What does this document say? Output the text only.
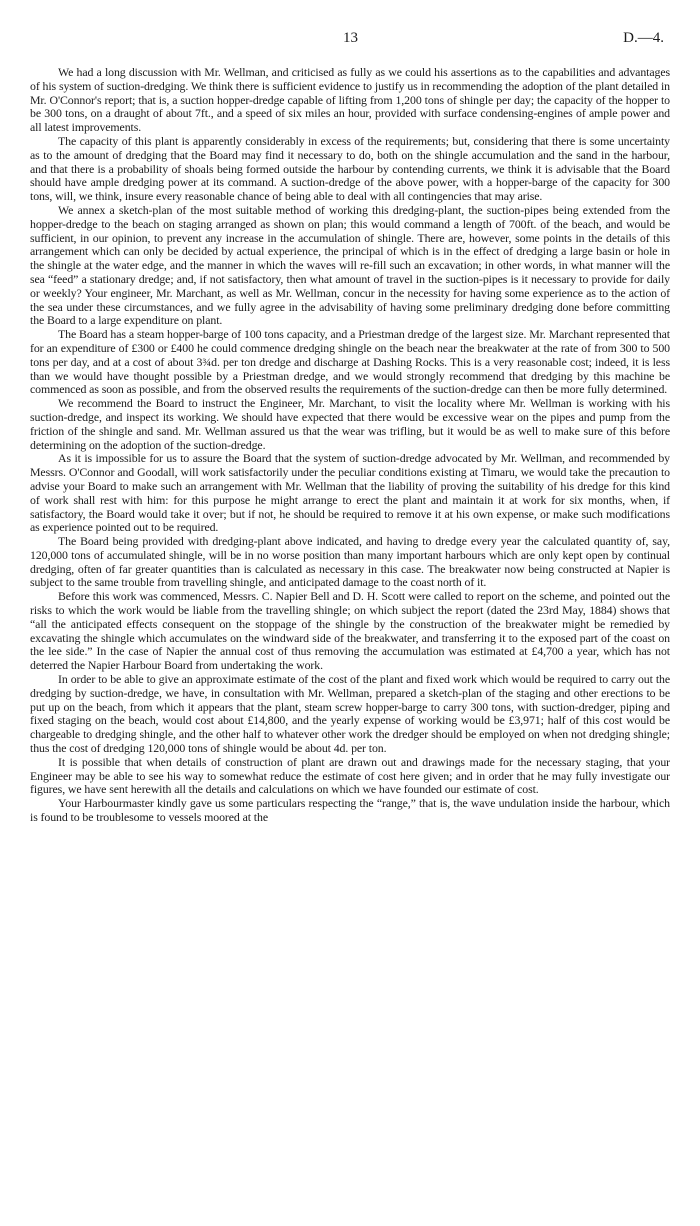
13	D.—4.

We had a long discussion with Mr. Wellman, and criticised as fully as we could his assertions as to the capabilities and advantages of his system of suction-dredging. We think there is sufficient evidence to justify us in recommending the adoption of the plant detailed in Mr. O'Connor's report; that is, a suction hopper-dredge capable of lifting from 1,200 tons of shingle per day; the capacity of the hopper to be 300 tons, on a draught of about 7ft., and a speed of six miles an hour, provided with surface condensing-engines of ample power and all latest improvements.

The capacity of this plant is apparently considerably in excess of the requirements; but, considering that there is some uncertainty as to the amount of dredging that the Board may find it necessary to do, both on the shingle accumulation and the sand in the harbour, and that there is a probability of shoals being formed outside the harbour by contending currents, we think it is advisable that the Board should have ample dredging power at its command. A suction-dredge of the above power, with a hopper-barge of the capacity for 300 tons, will, we think, insure every reasonable chance of being able to deal with all contingencies that may arise.

We annex a sketch-plan of the most suitable method of working this dredging-plant, the suction-pipes being extended from the hopper-dredge to the beach on staging arranged as shown on plan; this would command a length of 700ft. of the beach, and would be sufficient, in our opinion, to prevent any increase in the accumulation of shingle. There are, however, some points in the details of this arrangement which can only be decided by actual experience, the principal of which is in the effect of dredging a large basin or hole in the shingle at the water edge, and the manner in which the waves will re-fill such an excavation; in other words, in what manner will the sea “feed” a stationary dredge; and, if not satisfactory, then what amount of travel in the suction-pipes is it necessary to provide for daily or weekly? Your engineer, Mr. Marchant, as well as Mr. Wellman, concur in the necessity for having some experience as to the action of the sea under these circumstances, and we fully agree in the advisability of having some preliminary dredging done before committing the Board to a large expenditure on plant.

The Board has a steam hopper-barge of 100 tons capacity, and a Priestman dredge of the largest size. Mr. Marchant represented that for an expenditure of £300 or £400 he could commence dredging shingle on the beach near the breakwater at the rate of from 300 to 500 tons per day, and at a cost of about 3¾d. per ton dredge and discharge at Dashing Rocks. This is a very reasonable cost; indeed, it is less than we would have thought possible by a Priestman dredge, and we would strongly recommend that dredging by this machine be commenced as soon as possible, and from the observed results the requirements of the suction-dredge can then be more fully determined.

We recommend the Board to instruct the Engineer, Mr. Marchant, to visit the locality where Mr. Wellman is working with his suction-dredge, and inspect its working. We should have expected that there would be excessive wear on the pipes and pump from the friction of the shingle and sand. Mr. Wellman assured us that the wear was trifling, but it would be as well to make sure of this before determining on the adoption of the suction-dredge.

As it is impossible for us to assure the Board that the system of suction-dredge advocated by Mr. Wellman, and recommended by Messrs. O'Connor and Goodall, will work satisfactorily under the peculiar conditions existing at Timaru, we would take the precaution to advise your Board to make such an arrangement with Mr. Wellman that the liability of proving the suitability of his dredge for this kind of work shall rest with him: for this purpose he might arrange to erect the plant and maintain it at work for six months, when, if satisfactory, the Board would take it over; but if not, he should be required to remove it at his own expense, or make such modifications as experience pointed out to be required.

The Board being provided with dredging-plant above indicated, and having to dredge every year the calculated quantity of, say, 120,000 tons of accumulated shingle, will be in no worse position than many important harbours which are only kept open by continual dredging, often of far greater quantities than is calculated as necessary in this case. The breakwater now being constructed at Napier is subject to the same trouble from travelling shingle, and anticipated damage to the coast north of it.

Before this work was commenced, Messrs. C. Napier Bell and D. H. Scott were called to report on the scheme, and pointed out the risks to which the work would be liable from the travelling shingle; on which subject the report (dated the 23rd May, 1884) shows that “all the anticipated effects consequent on the stoppage of the shingle by the construction of the breakwater might be remedied by excavating the shingle which accumulates on the windward side of the breakwater, and transferring it to the exposed part of the coast on the lee side.” In the case of Napier the annual cost of thus removing the accumulation was estimated at £4,700 a year, which has not deterred the Napier Harbour Board from undertaking the work.

In order to be able to give an approximate estimate of the cost of the plant and fixed work which would be required to carry out the dredging by suction-dredge, we have, in consultation with Mr. Wellman, prepared a sketch-plan of the staging and other erections to be put up on the beach, from which it appears that the plant, steam screw hopper-barge to carry 300 tons, with suction-dredger, piping and fixed staging on the beach, would cost about £14,800, and the yearly expense of working would be £3,971; half of this cost would be chargeable to dredging shingle, and the other half to whatever other work the dredger should be employed on when not dredging shingle; thus the cost of dredging 120,000 tons of shingle would be about 4d. per ton.

It is possible that when details of construction of plant are drawn out and drawings made for the necessary staging, that your Engineer may be able to see his way to somewhat reduce the estimate of cost here given; and in order that he may fully investigate our figures, we have sent herewith all the details and calculations on which we have founded our estimate of cost.

Your Harbourmaster kindly gave us some particulars respecting the “range,” that is, the wave undulation inside the harbour, which is found to be troublesome to vessels moored at the
